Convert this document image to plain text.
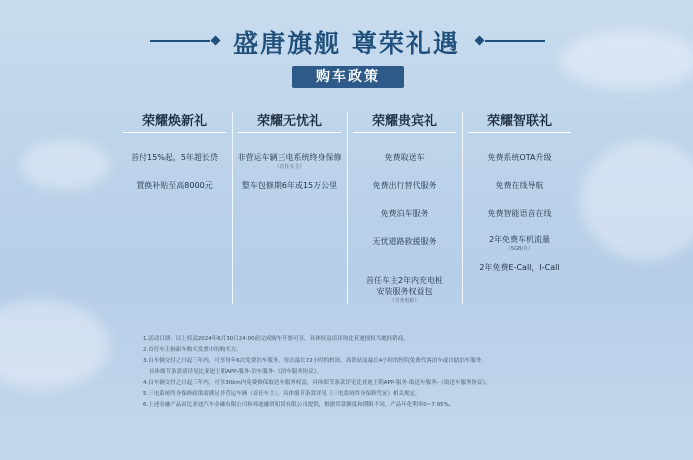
盛唐旗舰 尊荣礼遇
购车政策
荣耀焕新礼
首付15%起，5年超长贷
置换补贴至高8000元
荣耀无忧礼
非营运车辆三电系统终身保修
（首任车主）
整车包修期6年或15万公里
荣耀贵宾礼
免费取送车
免费出行替代服务
免费泊车服务
无忧道路救援服务

首任车主2年内充电桩
安装服务权益包

（含充电桩）

荣耀智联礼
免费系统OTA升级
免费在线导航
免费智能语音在线
2年免费车机流量
（5GB/月）
2年免费E-Call，I-Call
1.活动日期：以上权益2024年6月30日24:00前完成购车开票可享，具体权益请详询比亚迪授权当地经销商。
2.首任车主指新车购买发票中的购买方。
3.自车辆交付之日起三年内，可享每年6次免费泊车服务，每次最长72小时的机场、高铁站及最长4小时的医院免费代客泊车或自助泊车服务。
具体细节条款请详见比亚迪王朝APP-服务-泊车服务-《泊车服务协议》。
4.自车辆交付之日起三年内，可享30km内免费修保取送车服务权益，具体细节条款详见比亚迪王朝APP-服务-取送车服务-《取送车服务协议》。
5.三电系统终身保修政策需满足非营运车辆（首任车主），具体细节条款详见《三电系统终身保修凭证》相关规定。
6.上述金融产品由比亚迪汽车金融有限公司和弗迪融资租赁有限公司提供，根据贷款额度和期限不同，产品年化利率0~7.95%。
